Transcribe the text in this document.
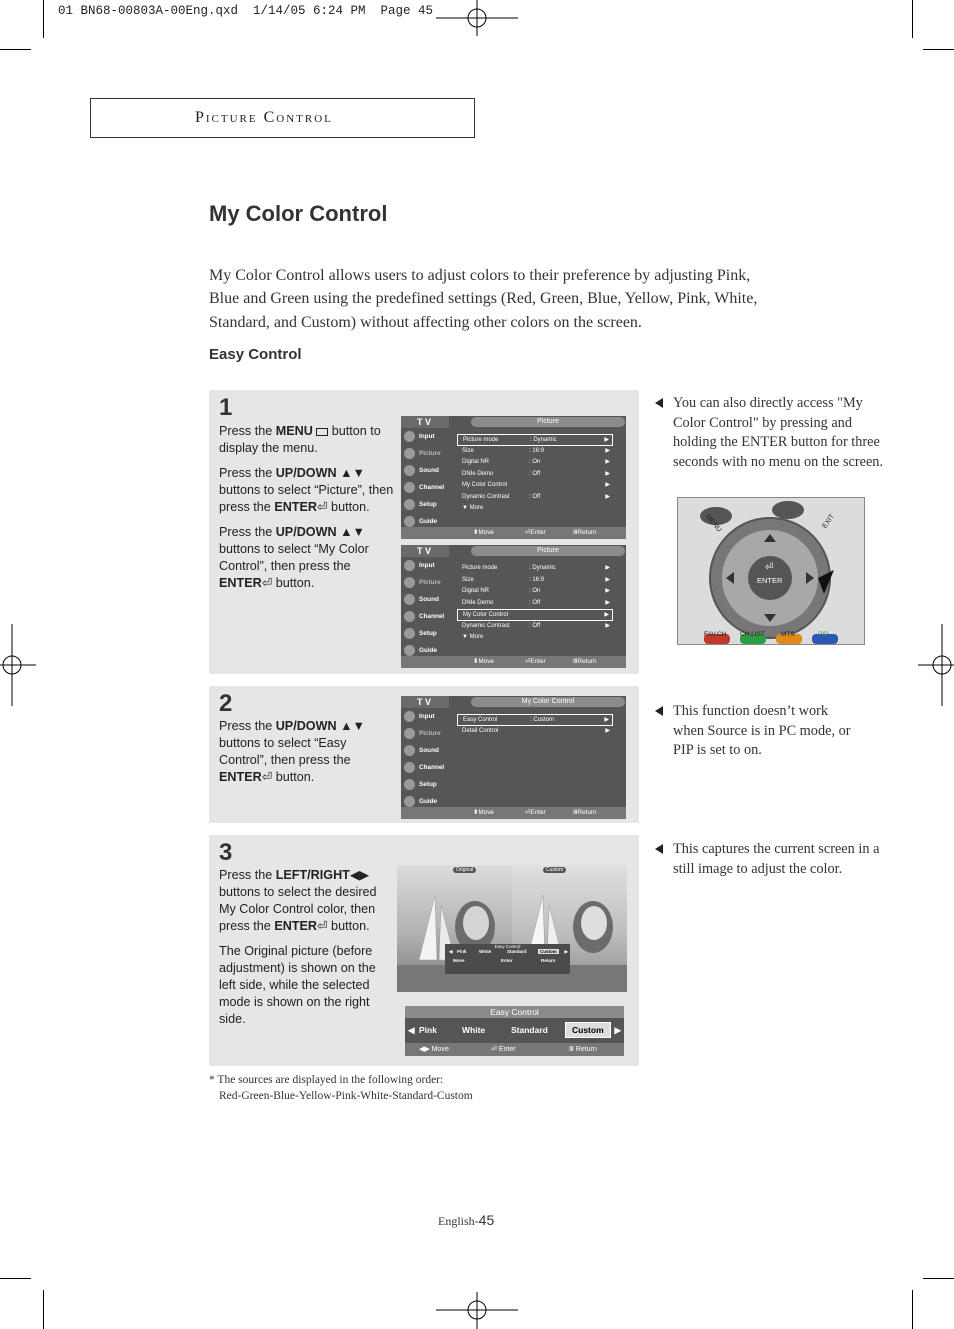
01 BN68-00803A-00Eng.qxd  1/14/05 6:24 PM  Page 45
Picture Control
My Color Control
My Color Control allows users to adjust colors to their preference by adjusting Pink, Blue and Green using the predefined settings (Red, Green, Blue, Yellow, Pink, White, Standard, and Custom) without affecting other colors on the screen.
Easy Control
1

Press the MENU  button to display the menu.

Press the UP/DOWN ▲▼ buttons to select “Picture”, then press the ENTER⏎ button.

Press the UP/DOWN ▲▼ buttons to select “My Color Control”, then press the ENTER⏎ button.

T V	Picture
Input
Picture
Sound
Channel
Setup
Guide
Picture mode	: Dynamic	▶
Size	: 16:9	▶
Digital NR	: On	▶
DNIe Demo	: Off	▶
My Color Control	▶
Dynamic Contrast	: Off	▶
▼ More
⬍ Move	⏎ Enter	Ⅲ Return
T V	Picture
Input
Picture
Sound
Channel
Setup
Guide
Picture mode	: Dynamic	▶
Size	: 16:9	▶
Digital NR	: On	▶
DNIe Demo	: Off	▶
My Color Control	▶
Dynamic Contrast	: Off	▶
▼ More
⬍ Move	⏎ Enter	Ⅲ Return
2

Press the UP/DOWN ▲▼ buttons to select “Easy Control”, then press the ENTER⏎ button.

T V	My Color Control
Input
Picture
Sound
Channel
Setup
Guide
Easy Control	: Custom	▶
Detail Control	▶
⬍ Move	⏎ Enter	Ⅲ Return
3

Press the LEFT/RIGHT◀▶ buttons to select the desired My Color Control color, then press the ENTER⏎ button.

The Original picture (before adjustment) is shown on the left side, while the selected mode is shown on the right side.

Original	Custom
Easy Control
◀ Pink	White	Standard	Custom	▶
Move	Enter	Return
Easy Control
◀ Pink	White	Standard	Custom	▶
◀▶ Move	⏎ Enter	Ⅲ Return
You can also directly access "My Color Control" by pressing and holding the ENTER button for three seconds with no menu on the screen.
MENU	EXIT
ENTER
⏎
FAV.CH CH.LIST MTS	PIP
This function doesn’t work when Source is in PC mode, or PIP is set to on.
This captures the current screen in a still image to adjust the color.
* The sources are displayed in the following order:
Red-Green-Blue-Yellow-Pink-White-Standard-Custom
English-45
